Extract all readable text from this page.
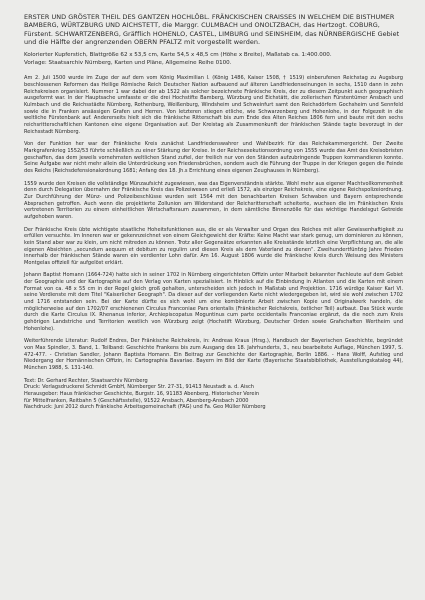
ERSTER UND GRÖSTER THEIL DES GANTZEN HOCHLÖBL. FRÄNCKISCHEN CRAISSES IN WELCHEM DIE BISTHUMER BAMBERG, WÜRTZBURG UND AICHSTETT, die Marggr. CULMBACH und ONOLTZBACH, das Hertzogt. COBURG, Fürstent. SCHWARTZENBERG, Gräfflich HOHENLO, CASTEL, LIMBURG und SEINSHEIM, das NÜRNBERGISCHE Gebiet und die Hälfte der angrenzenden OBERN PFALTZ mit vorgestellt werden.

Kolorierter Kupferstich, Blattgröße 62 x 53,5 cm, Karte 54,5 x 48,5 cm (Höhe x Breite), Maßstab ca. 1:400.000.

Vorlage: Staatsarchiv Nürnberg, Karten und Pläne, Allgemeine Reihe 0100.

Am 2. Juli 1500 wurde im Zuge der auf dem vom König Maximilian I. (König 1486, Kaiser 1508, † 1519) einberufenen Reichstag zu Augsburg beschlossenen Reformen das Heilige Römische Reich Deutscher Nation aufbauend auf älteren Landfriedenseinungen in sechs, 1510 dann in zehn Reichskreisen organisiert. Nummer 1 war dabei der ab 1522 als solcher bezeichnete Fränkische Kreis, der zu diesem Zeitpunkt auch geographisch ausgeformt war. In der Hauptsache umfasste er die drei Hochstifte Bamberg, Würzburg und Eichstätt, die zollerischen Fürstentümer Ansbach und Kulmbach und die Reichsstädte Nürnberg, Rothenburg, Weißenburg, Windsheim und Schweinfurt samt den Reichsdörfern Gochsheim und Sennfeld sowie die in Franken ansässigen Grafen und Herren. Von letzteren stiegen etliche, wie Schwarzenberg und Hohenlohe, in der Folgezeit in die weltliche Fürstenbank auf. Andererseits hielt sich die fränkische Ritterschaft bis zum Ende des Alten Reiches 1806 fern und baute mit den sechs reichsritterschaftlichen Kantonen eine eigene Organisation auf. Der Kreistag als Zusammenkunft der fränkischen Stände tagte bevorzugt in der Reichsstadt Nürnberg.

Von der Funktion her war der Fränkische Kreis zunächst Landfriedenswahrer und Wahlbezirk für das Reichskammergericht. Der Zweite Markgrafenkrieg 1552/53 führte schließlich zu einer Stärkung der Kreise. In der Reichsexekutionsordnung von 1555 wurde das Amt des Kreisobristen geschaffen, das dem jeweils vornehmsten weltlichen Stand zufiel, der freilich nur von den Ständen aufzubringende Truppen kommandieren konnte. Seine Aufgabe war nicht mehr allein die Unterdrückung von Friedensbrüchen, sondern auch die Führung der Truppe in der Kriegen gegen die Feinde des Reichs (Reichsdefensionalordnung 1681; Anfang des 18. Jh.s Errichtung eines eigenen Zeughauses in Nürnberg).

1559 wurde den Kreisen die vollständige Münzaufsicht zugewiesen, was das Eigenverständnis stärkte. Wohl mehr aus eigener Machtvollkommenheit denn durch Delegation übernahm der Fränkische Kreis das Polizeiwesen und erließ 1572, als einziger Reichskreis, eine eigene Reichspolizeiordnung. Zur Durchführung der Münz- und Polizeibeschlüsse wurden seit 1564 mit den benachbarten Kreisen Schwaben und Bayern entsprechende Absprachen getroffen. Auch wenn die projektierte Zollunion am Widerstand der Reichsritterschaft scheiterte, wuchsen die im Fränkischen Kreis vertretenen Territorien zu einem einheitlichen Wirtschaftsraum zusammen, in dem sämtliche Binnenzölle für das wichtige Handelsgut Getreide aufgehoben waren.

Der Fränkische Kreis übte wichtigste staatliche Hoheitsfunktionen aus, die er als Verwalter und Organ des Reiches mit aller Gewissenhaftigkeit zu erfüllen versuchte. Im Inneren war er gekennzeichnet von einem Gleichgewicht der Kräfte: Keine Macht war stark genug, um dominieren zu können, kein Stand aber war zu klein, um nicht mitreden zu können. Trotz aller Gegensätze erkannten alle Kreisstände letztlich eine Verpflichtung an, die alle eigenen Absichten „secundum aequum et debitum zu regulirn und diesen Kreis als dem Vaterland zu dienen“. Zweihundertfünfzig Jahre Frieden innerhalb der fränkischen Stände waren ein verdienter Lohn dafür. Am 16. August 1806 wurde die Fränkische Kreis durch Weisung des Ministers Montgelas offiziell für aufgelöst erklärt.

Johann Baptist Homann (1664-724) hatte sich in seiner 1702 in Nürnberg eingerichteten Offizin unter Mitarbeit bekannter Fachleute auf dem Gebiet der Geographie und der Kartographie auf den Verlag von Karten spezialisiert. In Hinblick auf die Einbindung in Atlanten und die Karten mit einem Format von ca. 48 x 55 cm in der Regel gleich groß gehalten, unterscheiden sich jedoch in Maßstab und Projektion. 1716 würdige Kaiser Karl VI. seine Verdienste mit dem Titel "Kaiserlicher Geograph". Da dieser auf der vorliegenden Karte nicht wiedergegeben ist, wird sie wohl zwischen 1702 und 1716 entstanden sein. Bei der Karte dürfte es sich wohl um eine kombinierte Arbeit zwischen Kopie und Originalwerk handeln, die möglicherweise auf den 1702/07 erschienenen Circulus Franconiae Pars orientalis (Fränkischer Reichskreis, östlicher Teil) aufbaut. Das Stück wurde durch die Karte Circulus IX. Rhenanus inferior, Archiepiscopatus Moguntinus cum parte occidentalis Franconiae ergänzt, da die noch zum Kreis gehörigen Landstriche und Territorien westlich von Würzburg zeigt (Hochstift Würzburg, Deutscher Orden sowie Grafschaften Wertheim und Hohenlohe).

Weiterführende Literatur: Rudolf Endres, Der Fränkische Reichskreis, in: Andreas Kraus (Hrsg.), Handbuch der Bayerischen Geschichte, begründet von Max Spindler, 3. Band, 1. Teilband: Geschichte Frankens bis zum Ausgang des 18. Jahrhunderts, 3., neu bearbeitete Auflage, München 1997, S. 472-477. - Christian Sandler, Johann Baptista Homann. Ein Beitrag zur Geschichte der Kartographie, Berlin 1886. - Hans Wolff, Aufstieg und Niedergang der Homännischen Offizin, in: Cartographia Bavariae. Bayern im Bild der Karte (Bayerische Staatsbibliothek, Ausstellungskatalog 44), München 1988, S. 131-140.

Text: Dr. Gerhard Rechter, Staatsarchiv Nürnberg

Druck: Verlagsdruckerei Schmidt GmbH, Nürnberger Str. 27-31, 91413 Neustadt a. d. Aisch

Herausgeber: Haus fränkischer Geschichte, Burgstr. 16, 91183 Abenberg, Historischer Verein

für Mittelfranken, Reitbahn 5 (Geschäftsstelle), 91522 Ansbach, Abenberg-Ansbach 2000

Nachdruck: Juni 2012 durch Fränkische Arbeitsgemeinschaft (FAG) und Fa. Geo Müller Nürnberg
